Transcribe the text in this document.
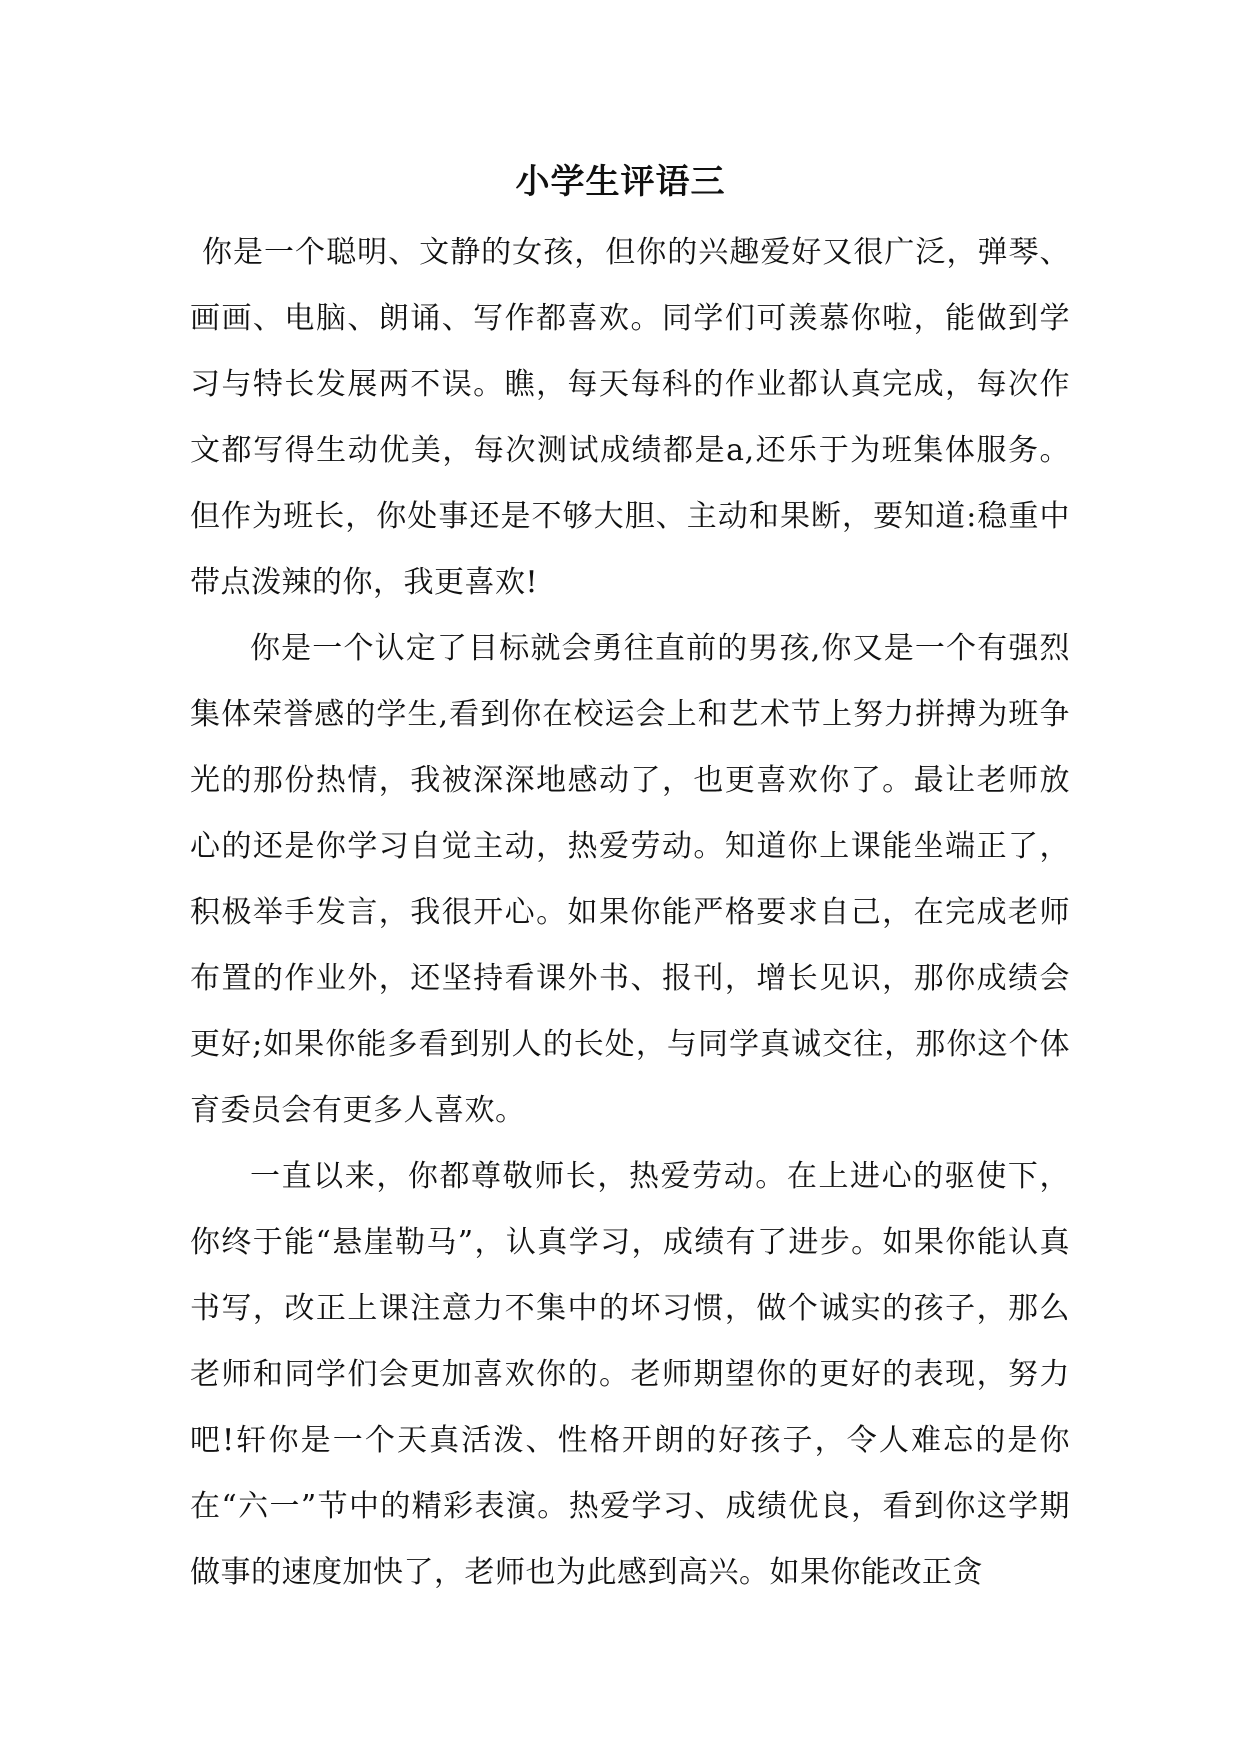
小学生评语三

你是一个聪明、文静的女孩，但你的兴趣爱好又很广泛，弹琴、画画、电脑、朗诵、写作都喜欢。同学们可羡慕你啦，能做到学习与特长发展两不误。瞧，每天每科的作业都认真完成，每次作文都写得生动优美，每次测试成绩都是a,还乐于为班集体服务。但作为班长，你处事还是不够大胆、主动和果断，要知道:稳重中带点泼辣的你，我更喜欢!

你是一个认定了目标就会勇往直前的男孩,你又是一个有强烈集体荣誉感的学生,看到你在校运会上和艺术节上努力拼搏为班争光的那份热情，我被深深地感动了，也更喜欢你了。最让老师放心的还是你学习自觉主动，热爱劳动。知道你上课能坐端正了，积极举手发言，我很开心。如果你能严格要求自己，在完成老师布置的作业外，还坚持看课外书、报刊，增长见识，那你成绩会更好;如果你能多看到别人的长处，与同学真诚交往，那你这个体育委员会有更多人喜欢。

一直以来，你都尊敬师长，热爱劳动。在上进心的驱使下，你终于能“悬崖勒马”，认真学习，成绩有了进步。如果你能认真书写，改正上课注意力不集中的坏习惯，做个诚实的孩子，那么老师和同学们会更加喜欢你的。老师期望你的更好的表现，努力吧!轩你是一个天真活泼、性格开朗的好孩子，令人难忘的是你在“六一”节中的精彩表演。热爱学习、成绩优良，看到你这学期做事的速度加快了，老师也为此感到高兴。如果你能改正贪
